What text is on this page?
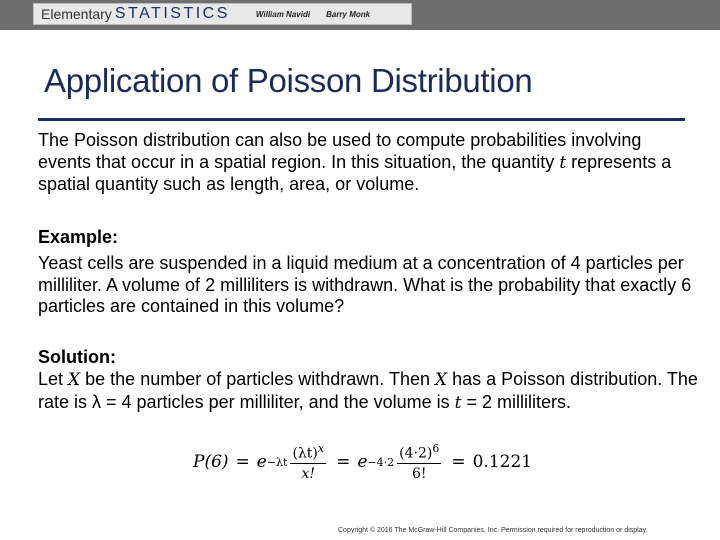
Elementary STATISTICS	William Navidi Barry Monk
Application of Poisson Distribution
The Poisson distribution can also be used to compute probabilities involving events that occur in a spatial region. In this situation, the quantity t represents a spatial quantity such as length, area, or volume.
Example:
Yeast cells are suspended in a liquid medium at a concentration of 4 particles per milliliter. A volume of 2 milliliters is withdrawn. What is the probability that exactly 6 particles are contained in this volume?
Solution:
Let X be the number of particles withdrawn. Then X has a Poisson distribution. The rate is λ = 4 particles per milliliter, and the volume is t = 2 milliliters.
$P(6) = e -\lambda t \frac{(\lambda t)^x}{x!} = e -4\cdot 2 \frac{(4\cdot 2)^6}{6!} = 0.1221$
Copyright © 2016 The McGraw-Hill Companies, Inc. Permission required for reproduction or display.
